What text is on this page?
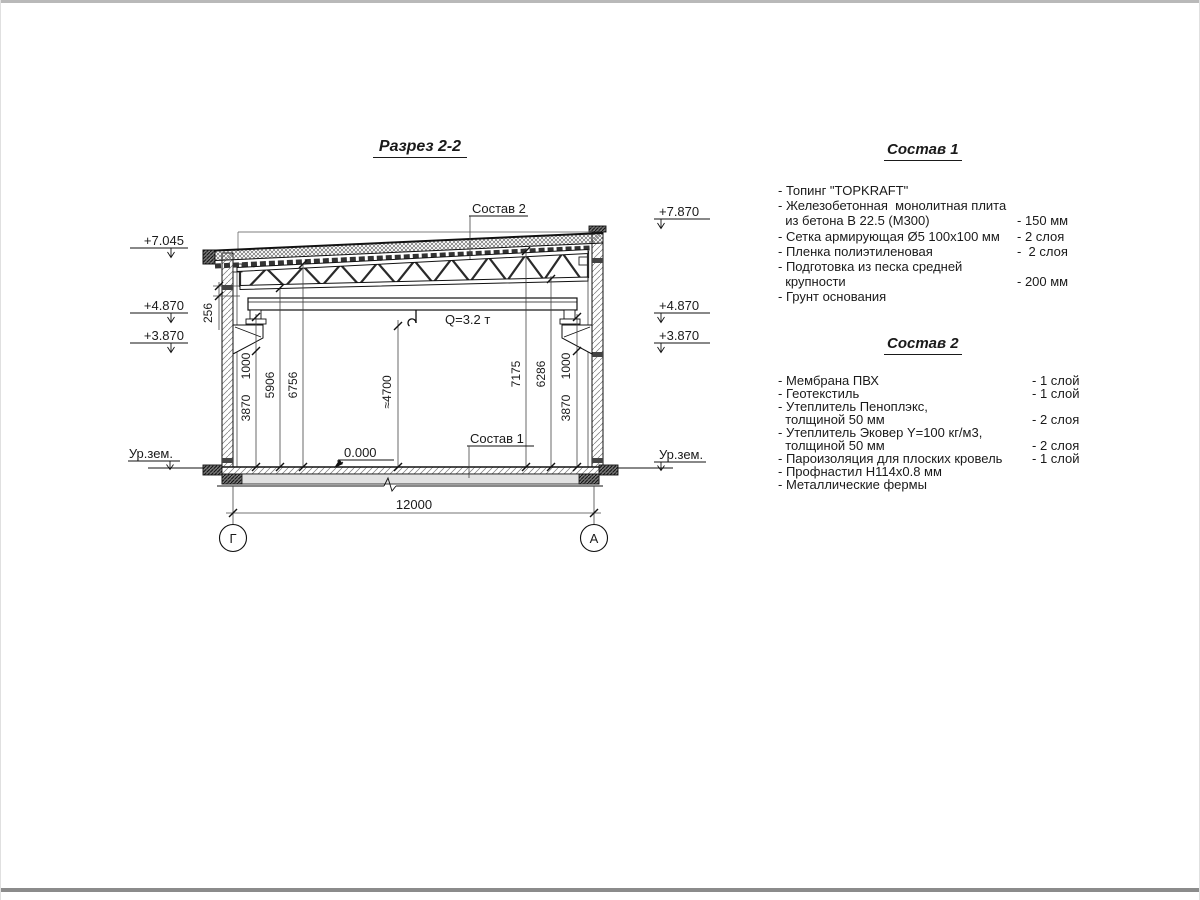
Q=3.2 т
1000
3870
5906 6756	≈4700
7175 6286 1000
3870
256
12000
Г	А
+7.045
+4.870
+3.870
Ур.зем.
+7.870
+4.870
+3.870
Ур.зем.
Состав 2
Состав 1
0.000
Разрез 2-2	Состав 1
- Топинг "TOPKRAFT"
- Железобетонная  монолитная плита
из бетона В 22.5 (М300)	- 150 мм
- Сетка армирующая Ø5 100x100 мм - 2 слоя
- Пленка полиэтиленовая	-  2 слоя
- Подготовка из песка средней
крупности	- 200 мм
- Грунт основания
Состав 2
- Мембрана ПВХ	- 1 слой
- Геотекстиль	- 1 слой
- Утеплитель Пеноплэкс,
толщиной 50 мм	- 2 слоя
- Утеплитель Эковер Y=100 кг/м3,
толщиной 50 мм	- 2 слоя
- Пароизоляция для плоских кровель - 1 слой
- Профнастил Н114х0.8 мм
- Металлические фермы
